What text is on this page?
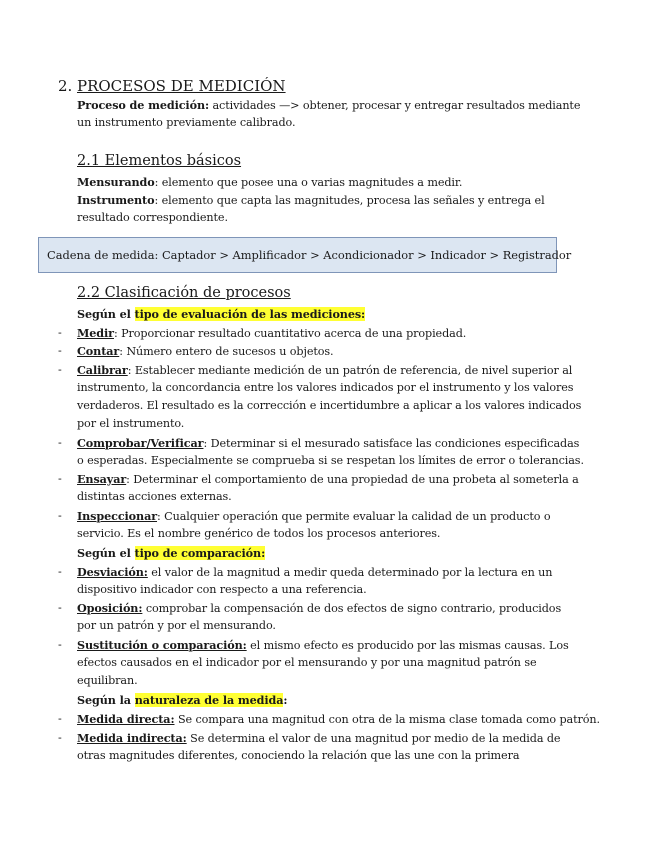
2. PROCESOS DE MEDICIÓN
Proceso de medición: actividades —> obtener, procesar y entregar resultados mediante
un instrumento previamente calibrado.
2.1 Elementos básicos
Mensurando: elemento que posee una o varias magnitudes a medir.
Instrumento: elemento que capta las magnitudes, procesa las señales y entrega el
resultado correspondiente.
Cadena de medida: Captador > Amplificador > Acondicionador > Indicador > Registrador
2.2 Clasificación de procesos
Según el tipo de evaluación de las mediciones:
- Medir: Proporcionar resultado cuantitativo acerca de una propiedad.
- Contar: Número entero de sucesos u objetos.
- Calibrar: Establecer mediante medición de un patrón de referencia, de nivel superior al
instrumento, la concordancia entre los valores indicados por el instrumento y los valores
verdaderos. El resultado es la corrección e incertidumbre a aplicar a los valores indicados
por el instrumento.
- Comprobar/Verificar: Determinar si el mesurado satisface las condiciones especificadas
o esperadas. Especialmente se comprueba si se respetan los límites de error o tolerancias.
- Ensayar: Determinar el comportamiento de una propiedad de una probeta al someterla a
distintas acciones externas.
- Inspeccionar: Cualquier operación que permite evaluar la calidad de un producto o
servicio. Es el nombre genérico de todos los procesos anteriores.
Según el tipo de comparación:
- Desviación: el valor de la magnitud a medir queda determinado por la lectura en un
dispositivo indicador con respecto a una referencia.
- Oposición: comprobar la compensación de dos efectos de signo contrario, producidos
por un patrón y por el mensurando.
- Sustitución o comparación: el mismo efecto es producido por las mismas causas. Los
efectos causados en el indicador por el mensurando y por una magnitud patrón se
equilibran.
Según la naturaleza de la medida:
- Medida directa: Se compara una magnitud con otra de la misma clase tomada como patrón.
- Medida indirecta: Se determina el valor de una magnitud por medio de la medida de
otras magnitudes diferentes, conociendo la relación que las une con la primera
